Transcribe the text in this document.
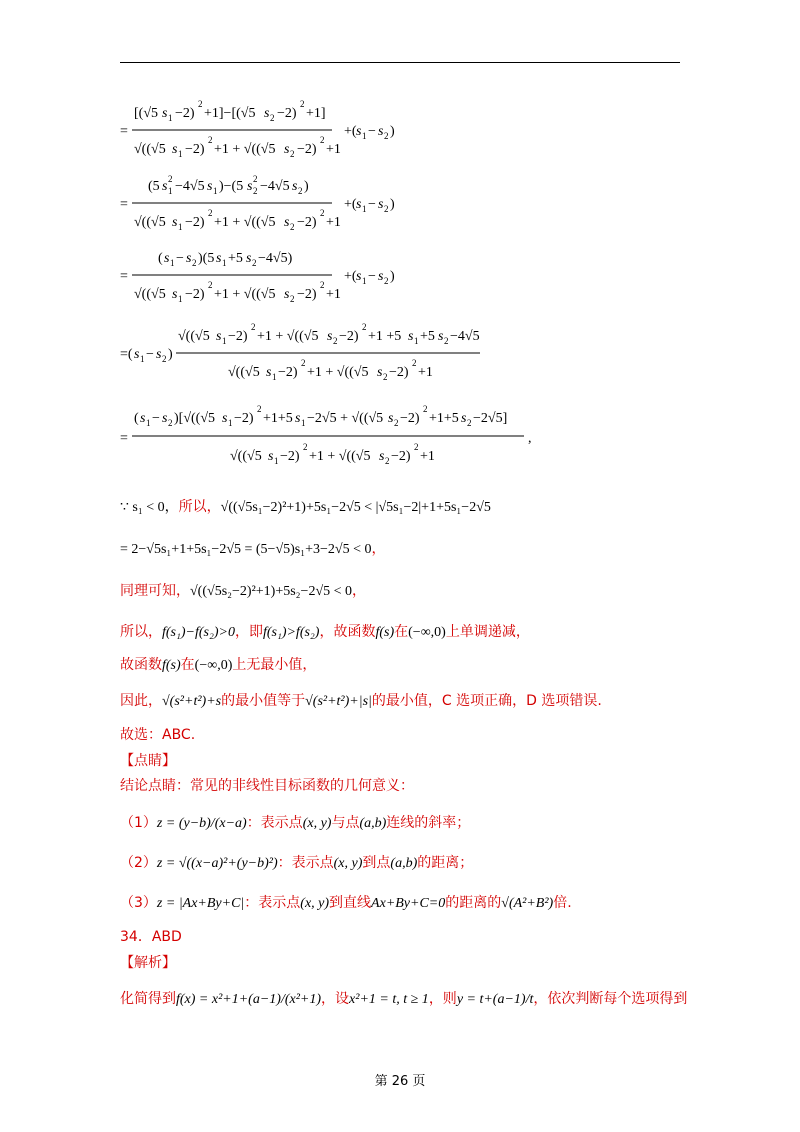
=
[(√5 s 1 −2)
2
+1]−[(√5 s 2 −2)
2
+1]
√((√5 s 1 −2)
2
+1 + √((√5 s 2 −2)
2
+1
+( s 1 − s 2 )
=
(5 s 1
2 −4√5 s 1 )−(5 s 2
2 −4√5 s 2 )
√((√5 s 1 −2)
2
+1 + √((√5 s 2 −2)
2
+1
+( s 1 − s 2 )
=
( s 1 − s 2 )(5 s 1 +5 s 2 −4√5)
√((√5 s 1 −2)
2
+1 + √((√5 s 2 −2)
2
+1
+( s 1 − s 2 )
=( s 1 − s 2 )
√((√5 s 1 −2)
2
+1 + √((√5 s 2 −2)
2
+1 +5 s 1 +5 s 2 −4√5
√((√5 s 1 −2)
2
+1 + √((√5 s 2 −2)
2
+1
=
( s 1 − s 2 )[√((√5 s 1 −2)
2
+1+5 s 1 −2√5 + √((√5 s 2 −2)
2
+1+5 s 2 −2√5]
√((√5 s 1 −2)
2
+1 + √((√5 s 2 −2)
2
+1
,
∵ s₁ < 0，所以，√((√5s₁−2)²+1)+5s₁−2√5 < |√5s₁−2|+1+5s₁−2√5
= 2−√5s₁+1+5s₁−2√5 = (5−√5)s₁+3−2√5 < 0，
同理可知，√((√5s₂−2)²+1)+5s₂−2√5 < 0，
所以，f(s₁)−f(s₂)>0，即f(s₁)>f(s₂)，故函数f(s)在(−∞,0)上单调递减，
故函数f(s)在(−∞,0)上无最小值，
因此，√(s²+t²)+s的最小值等于√(s²+t²)+|s|的最小值，C 选项正确，D 选项错误.
故选：ABC.
【点睛】
结论点睛：常见的非线性目标函数的几何意义：
（1）z = (y−b)/(x−a)：表示点(x, y)与点(a,b)连线的斜率；
（2）z = √((x−a)²+(y−b)²)：表示点(x, y)到点(a,b)的距离；
（3）z = |Ax+By+C|：表示点(x, y)到直线Ax+By+C=0的距离的√(A²+B²)倍.
34．ABD
【解析】
化简得到f(x) = x²+1+(a−1)/(x²+1)，设x²+1 = t, t ≥ 1，则y = t+(a−1)/t，依次判断每个选项得到
第 26 页
